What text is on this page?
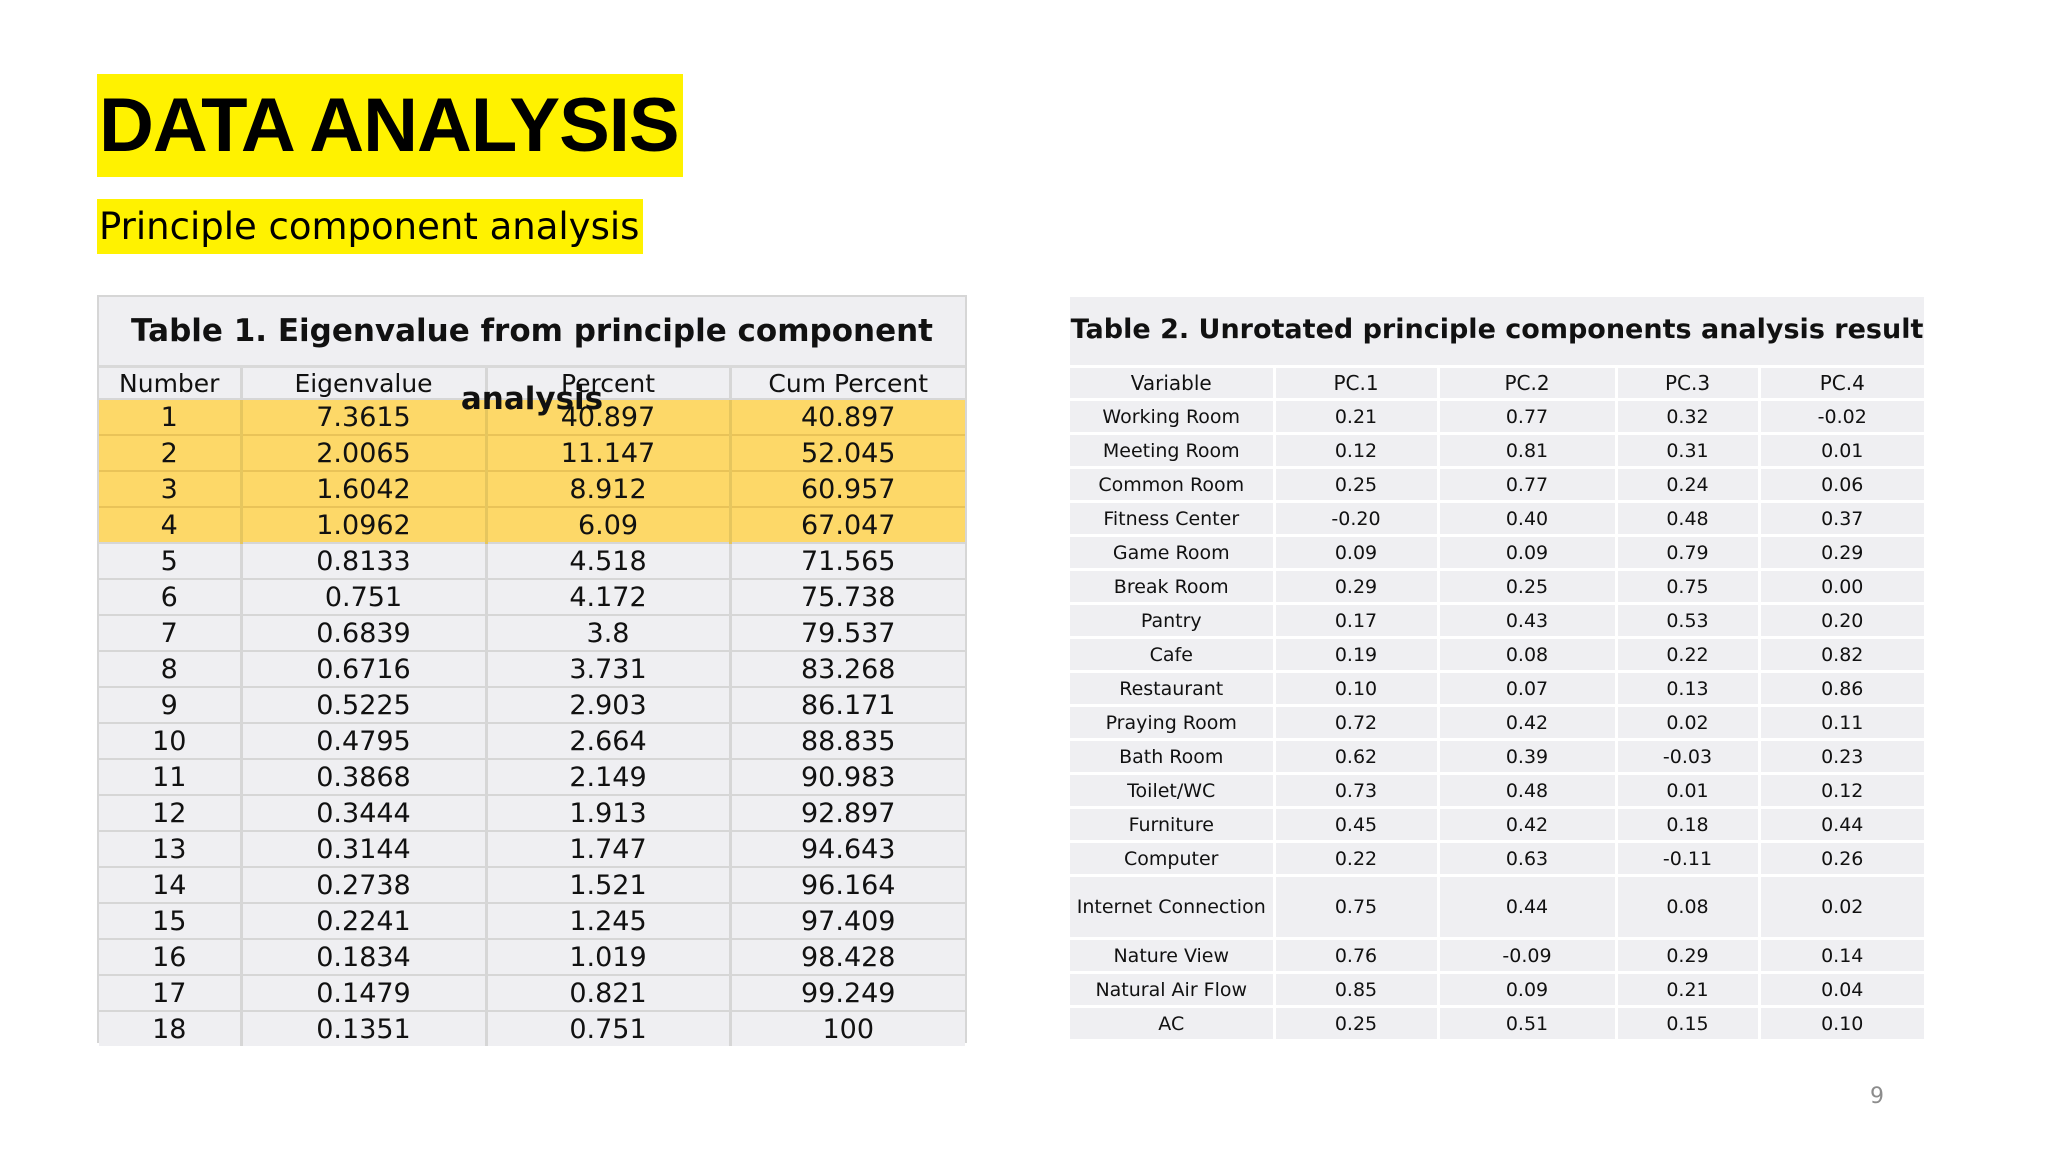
DATA ANALYSIS
Principle component analysis
Table 1. Eigenvalue from principle component analysis
Number	Eigenvalue	Percent	Cum Percent
1	7.3615	40.897	40.897
2	2.0065	11.147	52.045
3	1.6042	8.912	60.957
4	1.0962	6.09	67.047
5	0.8133	4.518	71.565
6	0.751	4.172	75.738
7	0.6839	3.8	79.537
8	0.6716	3.731	83.268
9	0.5225	2.903	86.171
10	0.4795	2.664	88.835
11	0.3868	2.149	90.983
12	0.3444	1.913	92.897
13	0.3144	1.747	94.643
14	0.2738	1.521	96.164
15	0.2241	1.245	97.409
16	0.1834	1.019	98.428
17	0.1479	0.821	99.249
18	0.1351	0.751	100
Table 2. Unrotated principle components analysis result
Variable	PC.1	PC.2	PC.3	PC.4
Working Room	0.21	0.77	0.32	-0.02
Meeting Room	0.12	0.81	0.31	0.01
Common Room	0.25	0.77	0.24	0.06
Fitness Center	-0.20	0.40	0.48	0.37
Game Room	0.09	0.09	0.79	0.29
Break Room	0.29	0.25	0.75	0.00
Pantry	0.17	0.43	0.53	0.20
Cafe	0.19	0.08	0.22	0.82
Restaurant	0.10	0.07	0.13	0.86
Praying Room	0.72	0.42	0.02	0.11
Bath Room	0.62	0.39	-0.03	0.23
Toilet/WC	0.73	0.48	0.01	0.12
Furniture	0.45	0.42	0.18	0.44
Computer	0.22	0.63	-0.11	0.26
Internet Connection	0.75	0.44	0.08	0.02
Nature View	0.76	-0.09	0.29	0.14
Natural Air Flow	0.85	0.09	0.21	0.04
AC	0.25	0.51	0.15	0.10
9
